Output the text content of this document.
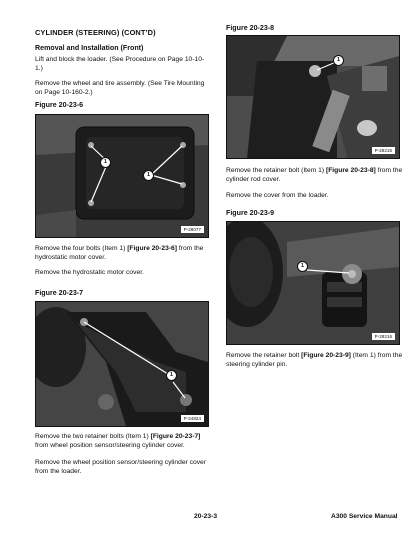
CYLINDER (STEERING) (CONT’D)
Removal and Installation (Front)

Lift and block the loader. (See Procedure on Page 10-10-1.)

Remove the wheel and tire assembly. (See Tire Mounting on Page 10-160-2.)

Figure 20-23-6
1
1
P-28077

Remove the four bolts (Item 1) [Figure 20-23-6] from the hydrostatic motor cover.

Remove the hydrostatic motor cover.

Figure 20-23-7
1
P-24824

Remove the two retainer bolts (Item 1) [Figure 20-23-7] from wheel position sensor/steering cylinder cover.

Remove the wheel position sensor/steering cylinder cover from the loader.

Figure 20-23-8
1
P-28215

Remove the retainer bolt (Item 1) [Figure 20-23-8] from the cylinder rod cover.

Remove the cover from the loader.

Figure 20-23-9
1
P-28216

Remove the retainer bolt [Figure 20-23-9] (Item 1) from the steering cylinder pin.

20-23-3	A300 Service Manual
